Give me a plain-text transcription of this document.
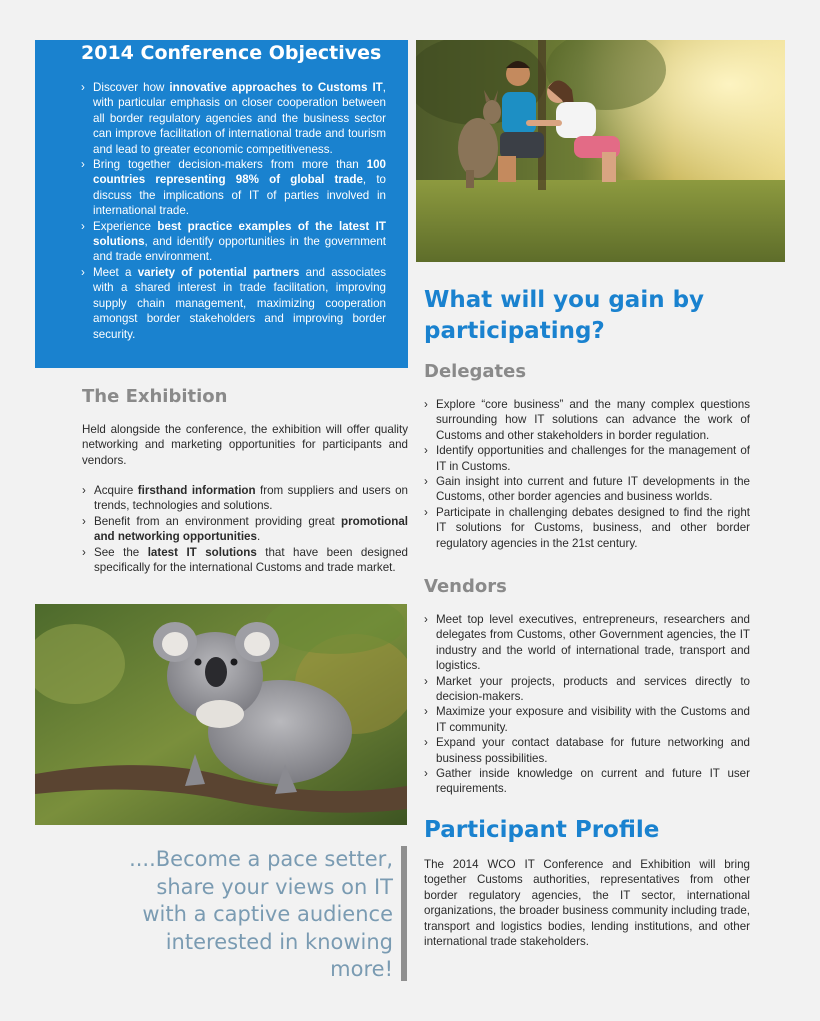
2014 Conference Objectives
› Discover how innovative approaches to Customs IT, with particular emphasis on closer cooperation between all border regulatory agencies and the business sector can improve facilitation of international trade and tourism and lead to greater economic competitiveness.
› Bring together decision-makers from more than 100 countries representing 98% of global trade, to discuss the implications of IT of parties involved in international trade.
› Experience best practice examples of the latest IT solutions, and identify opportunities in the government and trade environment.
› Meet a variety of potential partners and associates with a shared interest in trade facilitation, improving supply chain management, maximizing cooperation amongst border stakeholders and improving border security.
What will you gain by participating?
Delegates
› Explore “core business” and the many complex questions surrounding how IT solutions can advance the work of Customs and other stakeholders in border regulation.
› Identify opportunities and challenges for the management of IT in Customs.
› Gain insight into current and future IT developments in the Customs, other border agencies and business worlds.
› Participate in challenging debates designed to find the right IT solutions for Customs, business, and other border regulatory agencies in the 21st century.
Vendors
› Meet top level executives, entrepreneurs, researchers and delegates from Customs, other Government agencies, the IT industry and the world of international trade, transport and logistics.
› Market your projects, products and services directly to decision-makers.
› Maximize your exposure and visibility with the Customs and IT community.
› Expand your contact database for future networking and business possibilities.
› Gather inside knowledge on current and future IT user requirements.
Participant Profile

The 2014 WCO IT Conference and Exhibition will bring together Customs authorities, representatives from other border regulatory agencies, the IT sector, international organizations, the broader business community including trade, transport and logistics bodies, lending institutions, and other international trade stakeholders.

The Exhibition

Held alongside the conference, the exhibition will offer quality networking and marketing opportunities for participants and vendors.

› Acquire firsthand information from suppliers and users on trends, technologies and solutions.
› Benefit from an environment providing great promotional and networking opportunities.
› See the latest IT solutions that have been designed specifically for the international Customs and trade market.
....Become a pace setter, share your views on IT with a captive audience interested in knowing more!
